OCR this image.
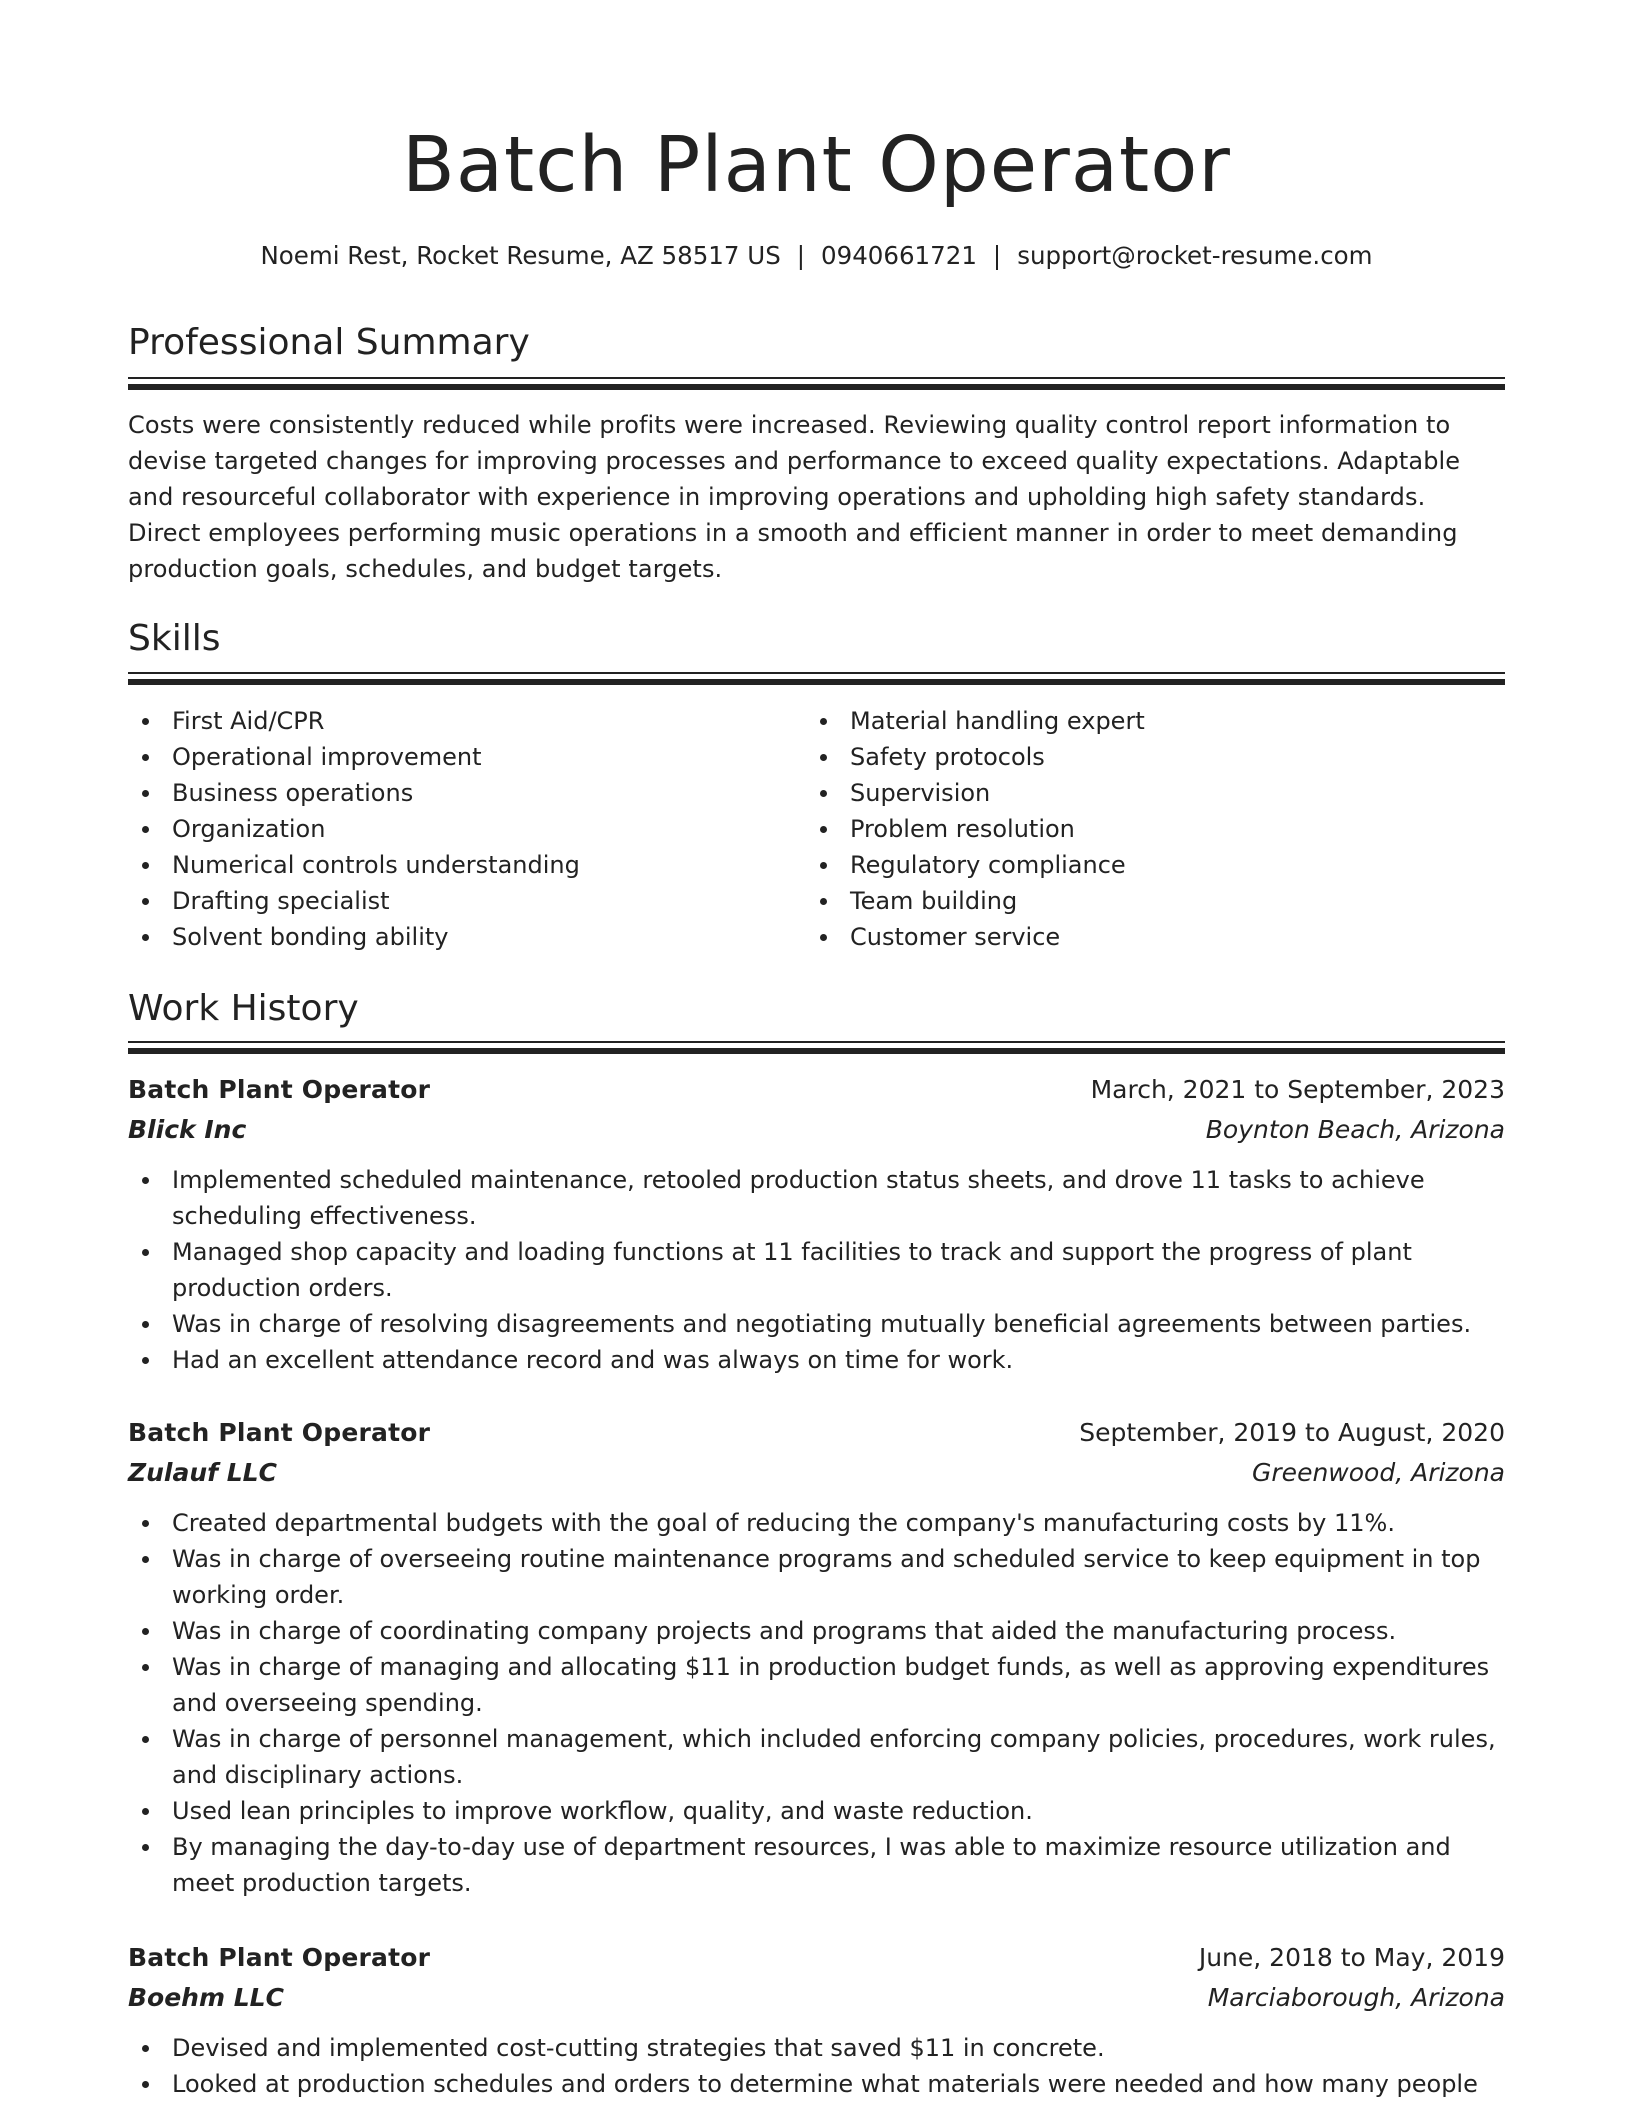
Batch Plant Operator
Noemi Rest, Rocket Resume, AZ 58517 US | 0940661721 | support@rocket-resume.com
Professional Summary

Costs were consistently reduced while profits were increased. Reviewing quality control report information to devise targeted changes for improving processes and performance to exceed quality expectations. Adaptable and resourceful collaborator with experience in improving operations and upholding high safety standards. Direct employees performing music operations in a smooth and efficient manner in order to meet demanding production goals, schedules, and budget targets.

Skills
First Aid/CPR
Operational improvement
Business operations
Organization
Numerical controls understanding
Drafting specialist
Solvent bonding ability
Material handling expert
Safety protocols
Supervision
Problem resolution
Regulatory compliance
Team building
Customer service
Work History
Batch Plant Operator	March, 2021 to September, 2023
Blick Inc	Boynton Beach, Arizona
Implemented scheduled maintenance, retooled production status sheets, and drove 11 tasks to achieve scheduling effectiveness.
Managed shop capacity and loading functions at 11 facilities to track and support the progress of plant production orders.
Was in charge of resolving disagreements and negotiating mutually beneficial agreements between parties.
Had an excellent attendance record and was always on time for work.
Batch Plant Operator	September, 2019 to August, 2020
Zulauf LLC	Greenwood, Arizona
Created departmental budgets with the goal of reducing the company's manufacturing costs by 11%.
Was in charge of overseeing routine maintenance programs and scheduled service to keep equipment in top working order.
Was in charge of coordinating company projects and programs that aided the manufacturing process.
Was in charge of managing and allocating $11 in production budget funds, as well as approving expenditures and overseeing spending.
Was in charge of personnel management, which included enforcing company policies, procedures, work rules, and disciplinary actions.
Used lean principles to improve workflow, quality, and waste reduction.
By managing the day-to-day use of department resources, I was able to maximize resource utilization and meet production targets.
Batch Plant Operator	June, 2018 to May, 2019
Boehm LLC	Marciaborough, Arizona
Devised and implemented cost-cutting strategies that saved $11 in concrete.
Looked at production schedules and orders to determine what materials were needed and how many people
